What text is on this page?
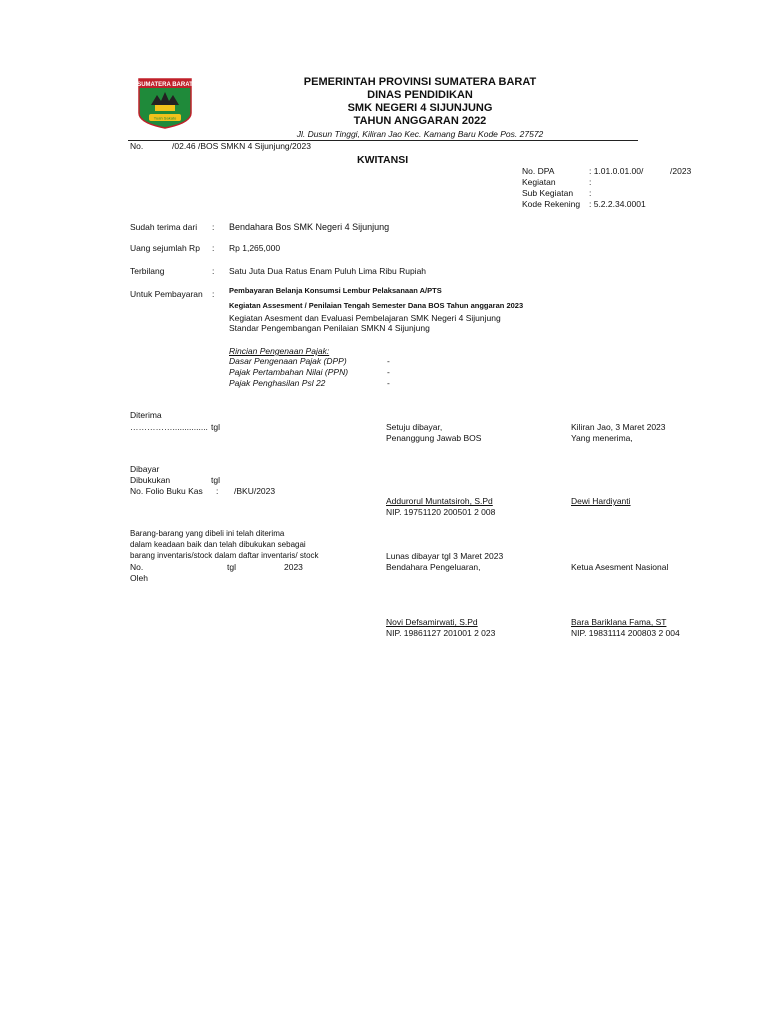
SUMATERA BARAT
Tuah Sakato
PEMERINTAH PROVINSI SUMATERA BARAT
DINAS PENDIDIKAN
SMK NEGERI 4 SIJUNJUNG
TAHUN ANGGARAN 2022
Jl. Dusun Tinggi, Kiliran Jao Kec. Kamang Baru Kode Pos. 27572
No.	/02.46 /BOS SMKN 4 Sijunjung/2023
KWITANSI
No. DPA	: 1.01.0.01.00/	/2023
Kegiatan	:
Sub Kegiatan :
Kode Rekening : 5.2.2.34.0001
Sudah terima dari : Bendahara Bos SMK Negeri 4 Sijunjung
Uang sejumlah Rp : Rp 1,265,000
Terbilang	: Satu Juta Dua Ratus Enam Puluh Lima Ribu Rupiah
Untuk Pembayaran : Pembayaran Belanja Konsumsi Lembur Pelaksanaan A/PTS
Kegiatan Assesment / Penilaian Tengah Semester Dana BOS Tahun anggaran 2023
Kegiatan Asesment dan Evaluasi Pembelajaran SMK Negeri 4 Sijunjung
Standar Pengembangan Penilaian SMKN 4 Sijunjung
Rincian Pengenaan Pajak:
Dasar Pengenaan Pajak (DPP)	-
Pajak Pertambahan Nilai (PPN)	-
Pajak Penghasilan Psl 22	-
Diterima
……………............... tgl	Setuju dibayar,
Penanggung Jawab BOS
Kiliran Jao, 3 Maret 2023
Yang menerima,
Dibayar
Dibukukan	tgl
No. Folio Buku Kas : /BKU/2023
Addurorul Muntatsiroh, S.Pd
NIP. 19751120 200501 2 008
Dewi Hardiyanti
Barang-barang yang dibeli ini telah diterima
dalam keadaan baik dan telah dibukukan sebagai
barang inventaris/stock dalam daftar inventaris/ stock
No.	tgl	2023
Oleh
Lunas dibayar tgl 3 Maret 2023
Bendahara Pengeluaran,	Ketua Asesment Nasional
Novi Defsamirwati, S.Pd
NIP. 19861127 201001 2 023
Bara Bariklana Fama, ST
NIP. 19831114 200803 2 004
